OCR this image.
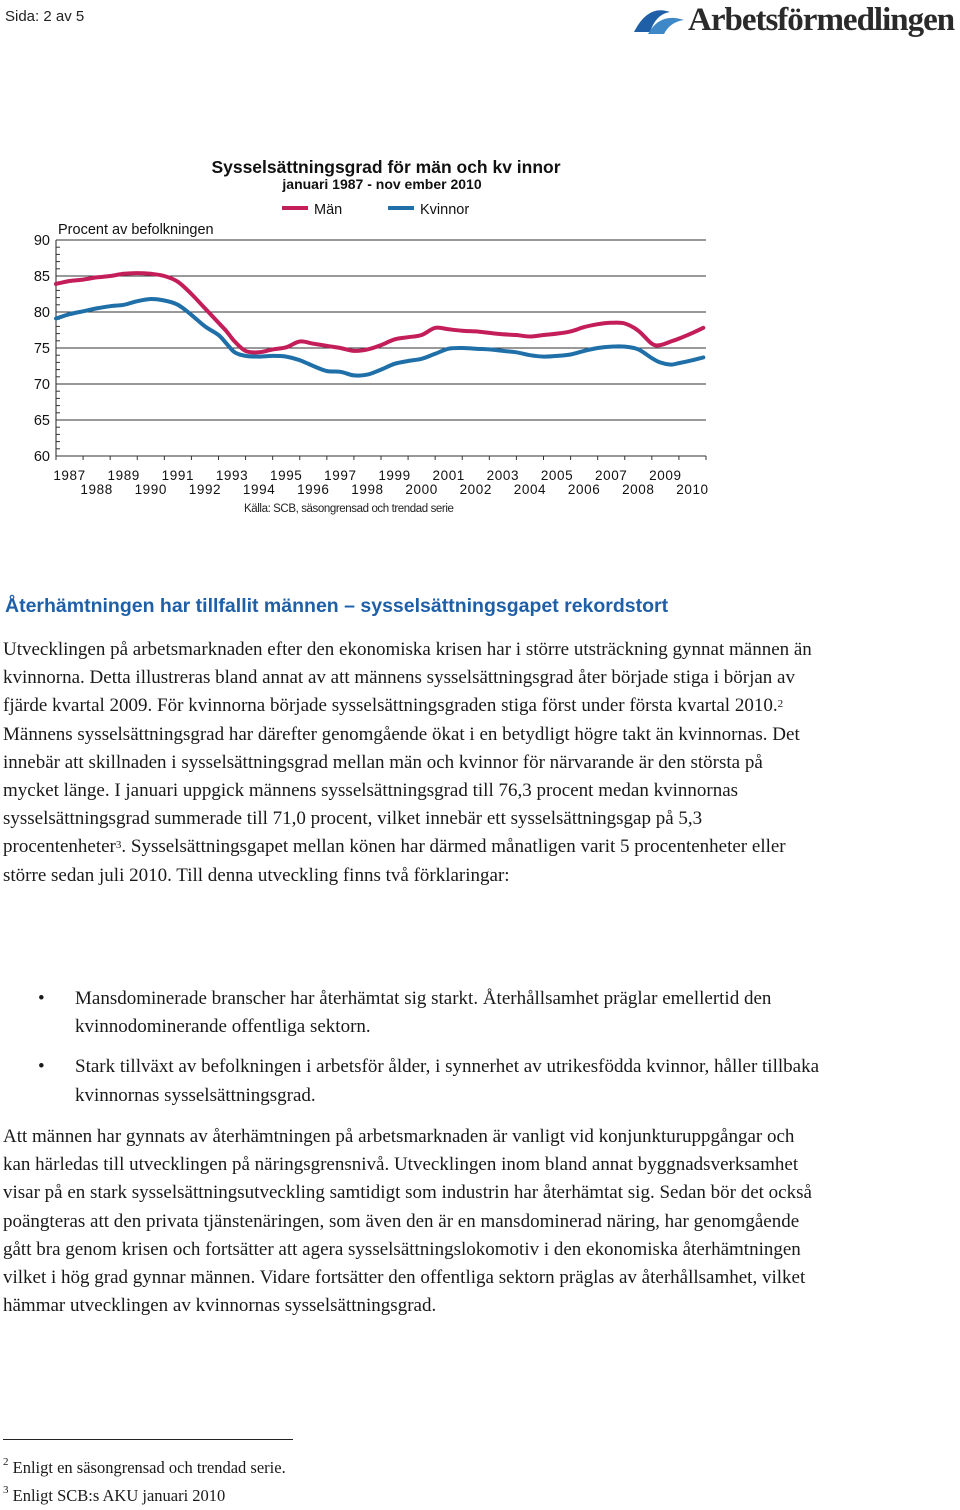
Sida: 2 av 5	Arbetsförmedlingen
Sysselsättningsgrad för män och kv innor
januari 1987 - nov ember 2010
Procent av befolkningen
Män	Kvinnor
60
65
70
75
80
85
90
1987 1989 1991 1993 1995 1997 1999 2001 2003 2005 2007 2009
1988 1990 1992 1994 1996 1998 2000 2002 2004 2006 2008 2010
Källa: SCB, säsongrensad och trendad serie
Återhämtningen har tillfallit männen – sysselsättningsgapet rekordstort

Utvecklingen på arbetsmarknaden efter den ekonomiska krisen har i större utsträckning gynnat männen än kvinnorna. Detta illustreras bland annat av att männens sysselsättningsgrad åter började stiga i början av fjärde kvartal 2009. För kvinnorna började sysselsättningsgraden stiga först under första kvartal 2010.$^2$ Männens sysselsättningsgrad har därefter genomgående ökat i en betydligt högre takt än kvinnornas. Det innebär att skillnaden i sysselsättningsgrad mellan män och kvinnor för närvarande är den största på mycket länge. I januari uppgick männens sysselsättningsgrad till 76,3 procent medan kvinnornas sysselsättningsgrad summerade till 71,0 procent, vilket innebär ett sysselsättningsgap på 5,3 procentenheter$^3$. Sysselsättningsgapet mellan könen har därmed månatligen varit 5 procentenheter eller större sedan juli 2010. Till denna utveckling finns två förklaringar:

• Mansdominerade branscher har återhämtat sig starkt. Återhållsamhet präglar emellertid den kvinnodominerande offentliga sektorn.
• Stark tillväxt av befolkningen i arbetsför ålder, i synnerhet av utrikesfödda kvinnor, håller tillbaka kvinnornas sysselsättningsgrad.

Att männen har gynnats av återhämtningen på arbetsmarknaden är vanligt vid konjunkturuppgångar och kan härledas till utvecklingen på näringsgrensnivå. Utvecklingen inom bland annat byggnadsverksamhet visar på en stark sysselsättningsutveckling samtidigt som industrin har återhämtat sig. Sedan bör det också poängteras att den privata tjänstenäringen, som även den är en mansdominerad näring, har genomgående gått bra genom krisen och fortsätter att agera sysselsättningslokomotiv i den ekonomiska återhämtningen vilket i hög grad gynnar männen. Vidare fortsätter den offentliga sektorn präglas av återhållsamhet, vilket hämmar utvecklingen av kvinnornas sysselsättningsgrad.

$^2$ Enligt en säsongrensad och trendad serie.

$^3$ Enligt SCB:s AKU januari 2010
